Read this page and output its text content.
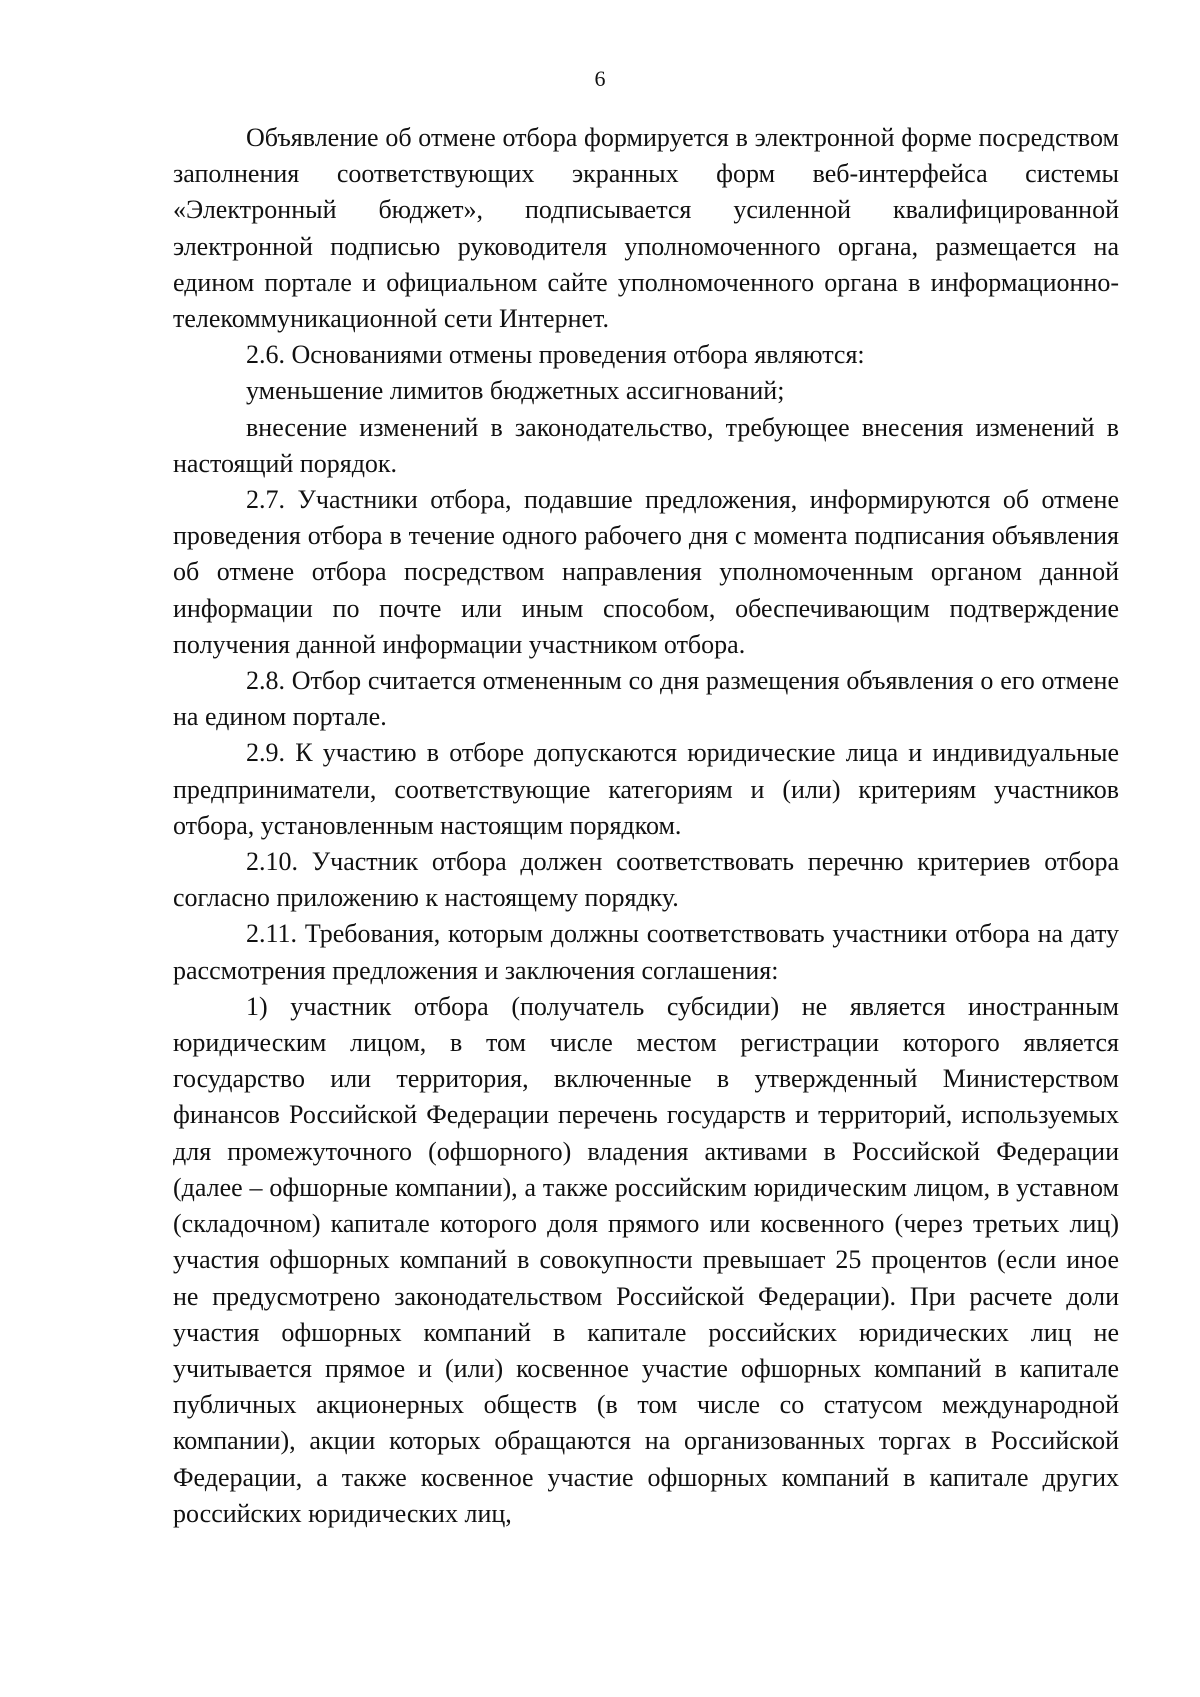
6

Объявление об отмене отбора формируется в электронной форме посредством заполнения соответствующих экранных форм веб-интерфейса системы «Электронный бюджет», подписывается усиленной квалифицированной электронной подписью руководителя уполномоченного органа, размещается на едином портале и официальном сайте уполномоченного органа в информационно-телекоммуникационной сети Интернет.

2.6. Основаниями отмены проведения отбора являются:

уменьшение лимитов бюджетных ассигнований;

внесение изменений в законодательство, требующее внесения изменений в настоящий порядок.

2.7. Участники отбора, подавшие предложения, информируются об отмене проведения отбора в течение одного рабочего дня с момента подписания объявления об отмене отбора посредством направления уполномоченным органом данной информации по почте или иным способом, обеспечивающим подтверждение получения данной информации участником отбора.

2.8. Отбор считается отмененным со дня размещения объявления о его отмене на едином портале.

2.9. К участию в отборе допускаются юридические лица и индивидуальные предприниматели, соответствующие категориям и (или) критериям участников отбора, установленным настоящим порядком.

2.10. Участник отбора должен соответствовать перечню критериев отбора согласно приложению к настоящему порядку.

2.11. Требования, которым должны соответствовать участники отбора на дату рассмотрения предложения и заключения соглашения:

1) участник отбора (получатель субсидии) не является иностранным юридическим лицом, в том числе местом регистрации которого является государство или территория, включенные в утвержденный Министерством финансов Российской Федерации перечень государств и территорий, используемых для промежуточного (офшорного) владения активами в Российской Федерации (далее – офшорные компании), а также российским юридическим лицом, в уставном (складочном) капитале которого доля прямого или косвенного (через третьих лиц) участия офшорных компаний в совокупности превышает 25 процентов (если иное не предусмотрено законодательством Российской Федерации). При расчете доли участия офшорных компаний в капитале российских юридических лиц не учитывается прямое и (или) косвенное участие офшорных компаний в капитале публичных акционерных обществ (в том числе со статусом международной компании), акции которых обращаются на организованных торгах в Российской Федерации, а также косвенное участие офшорных компаний в капитале других российских юридических лиц,
